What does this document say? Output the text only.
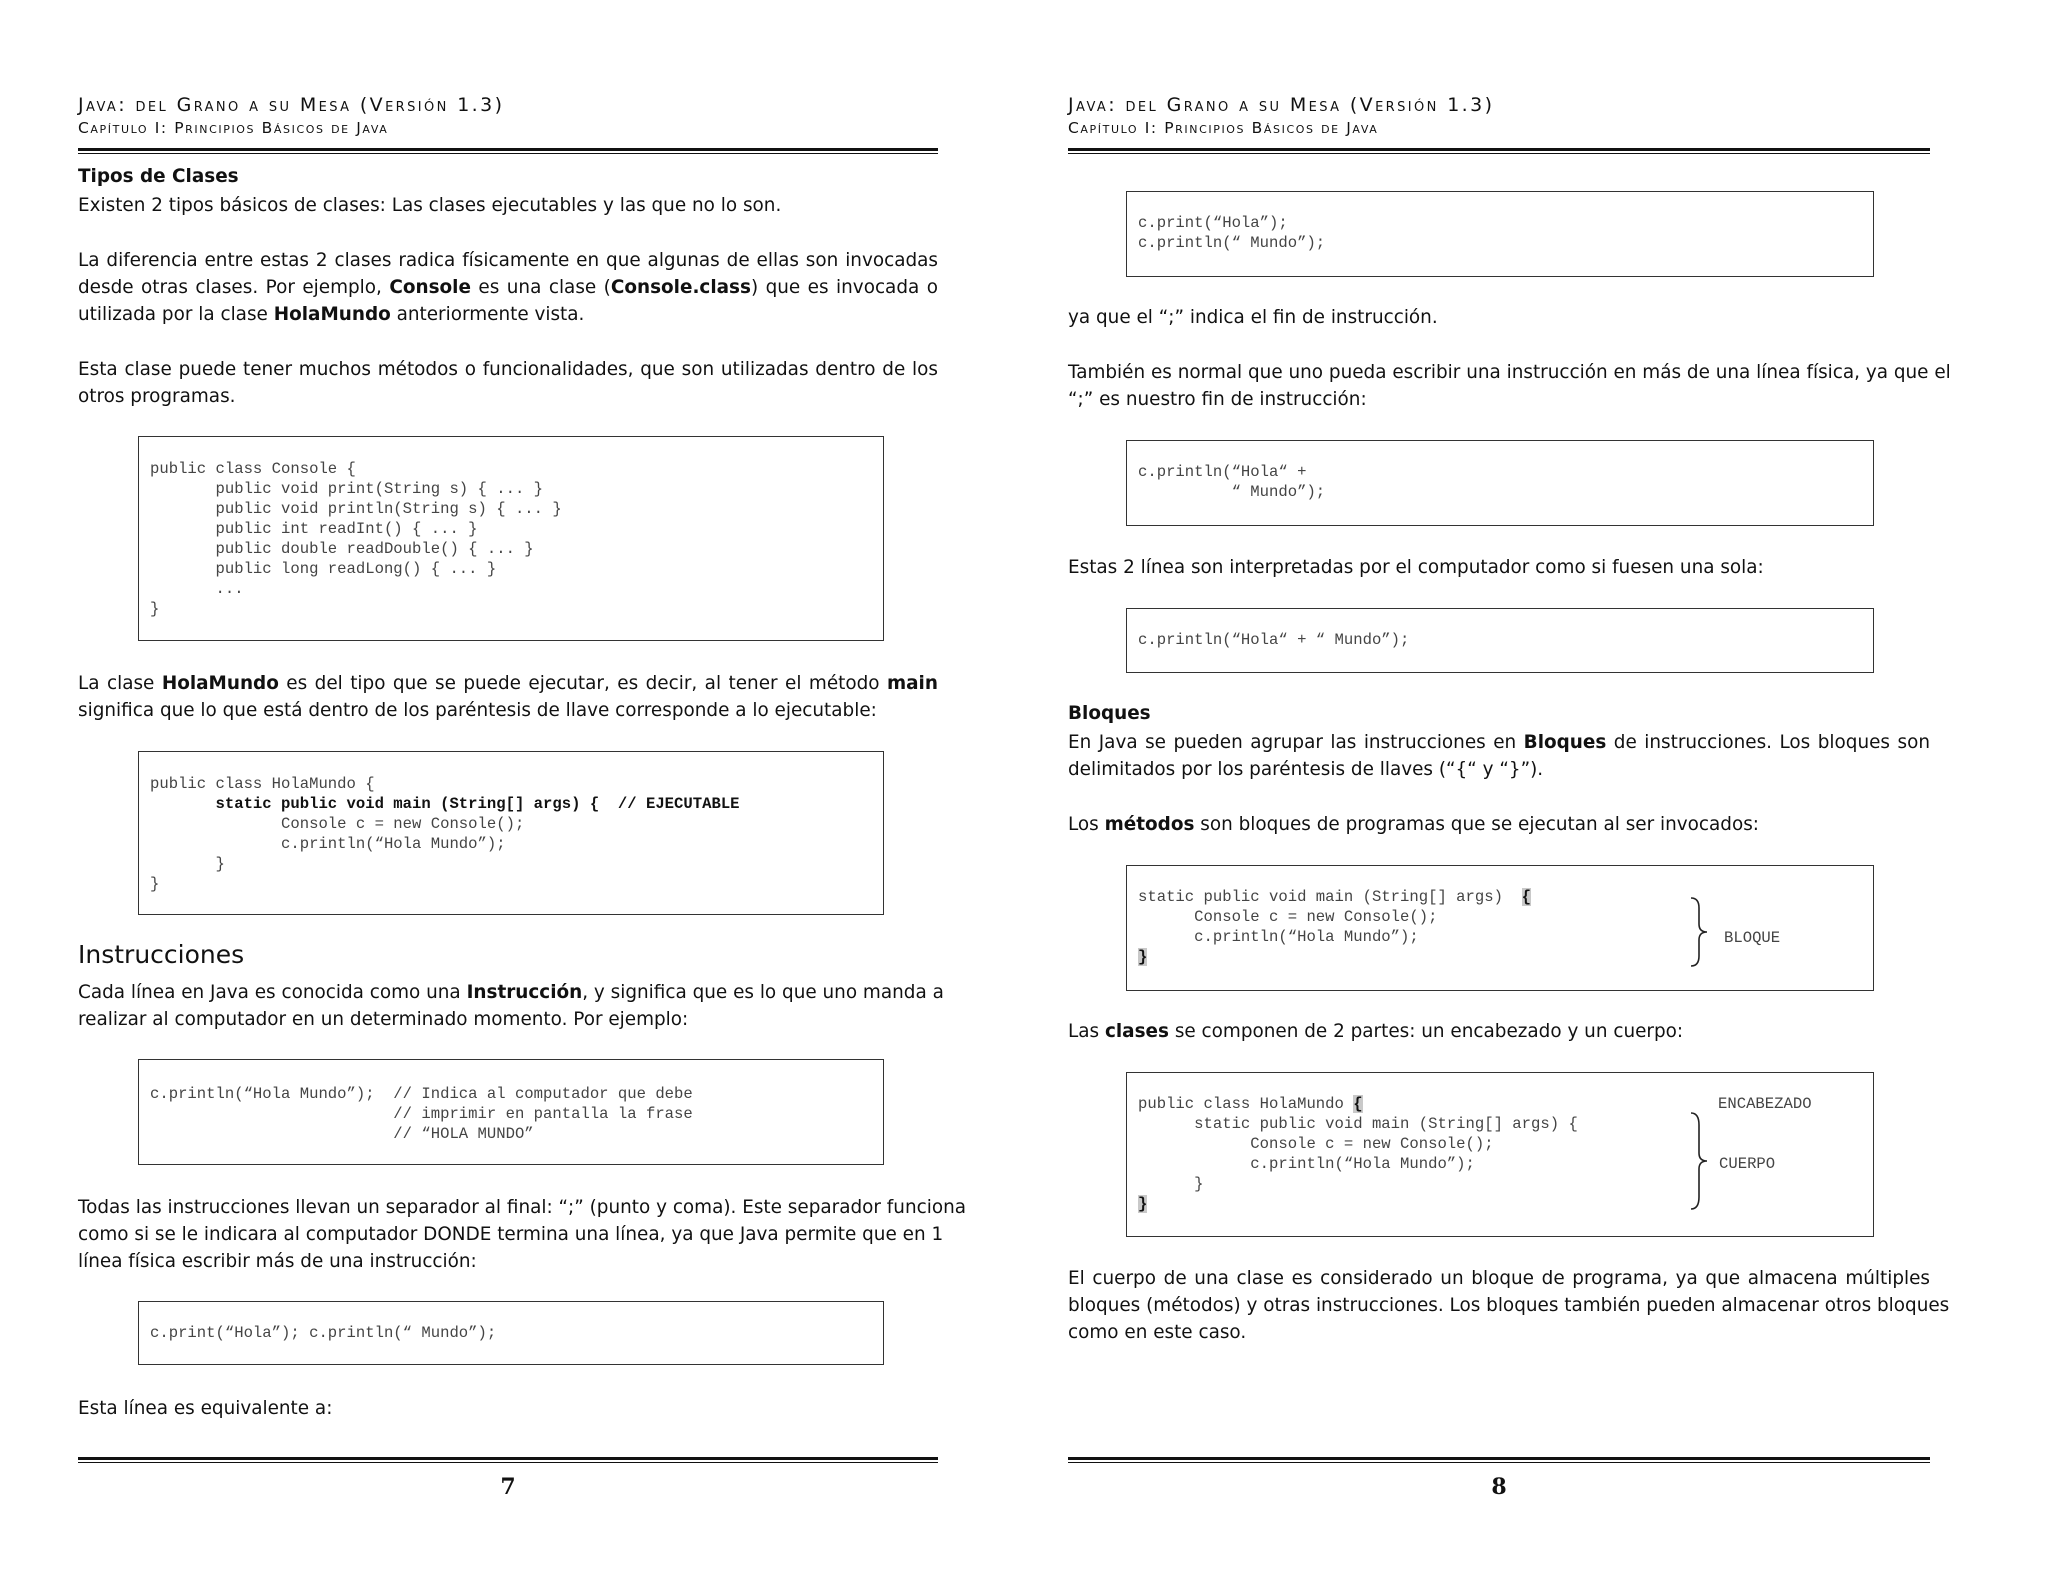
Java: del Grano a su Mesa (Versión 1.3)
Capítulo I: Principios Básicos de Java
Tipos de Clases
Existen 2 tipos básicos de clases: Las clases ejecutables y las que no lo son.
La diferencia entre estas 2 clases radica físicamente en que algunas de ellas son invocadas
desde otras clases. Por ejemplo, Console es una clase (Console.class) que es invocada o
utilizada por la clase HolaMundo anteriormente vista.
Esta clase puede tener muchos métodos o funcionalidades, que son utilizadas dentro de los
otros programas.
public class Console {
public void print(String s) { ... }
public void println(String s) { ... }
public int readInt() { ... }
public double readDouble() { ... }
public long readLong() { ... }
...
}
La clase HolaMundo es del tipo que se puede ejecutar, es decir, al tener el método main
significa que lo que está dentro de los paréntesis de llave corresponde a lo ejecutable:
public class HolaMundo {
static public void main (String[] args) {  // EJECUTABLE
Console c = new Console();
c.println(“Hola Mundo”);
}
}
Instrucciones
Cada línea en Java es conocida como una Instrucción, y significa que es lo que uno manda a
realizar al computador en un determinado momento. Por ejemplo:
c.println(“Hola Mundo”);  // Indica al computador que debe
// imprimir en pantalla la frase
// “HOLA MUNDO”
Todas las instrucciones llevan un separador al final: “;” (punto y coma). Este separador funciona
como si se le indicara al computador DONDE termina una línea, ya que Java permite que en 1
línea física escribir más de una instrucción:
c.print(“Hola”); c.println(“ Mundo”);
Esta línea es equivalente a:
7
Java: del Grano a su Mesa (Versión 1.3)
Capítulo I: Principios Básicos de Java
c.print(“Hola”);
c.println(“ Mundo”);
ya que el “;” indica el fin de instrucción.
También es normal que uno pueda escribir una instrucción en más de una línea física, ya que el
“;” es nuestro fin de instrucción:
c.println(“Hola“ +
“ Mundo”);
Estas 2 línea son interpretadas por el computador como si fuesen una sola:
c.println(“Hola“ + “ Mundo”);
Bloques
En Java se pueden agrupar las instrucciones en Bloques de instrucciones. Los bloques son
delimitados por los paréntesis de llaves (“{“ y “}”).
Los métodos son bloques de programas que se ejecutan al ser invocados:
static public void main (String[] args)  {
Console c = new Console();
c.println(“Hola Mundo”);
}
BLOQUE
Las clases se componen de 2 partes: un encabezado y un cuerpo:
public class HolaMundo {
static public void main (String[] args) {
Console c = new Console();
c.println(“Hola Mundo”);
}
}
ENCABEZADO
CUERPO
El cuerpo de una clase es considerado un bloque de programa, ya que almacena múltiples
bloques (métodos) y otras instrucciones. Los bloques también pueden almacenar otros bloques
como en este caso.
8
